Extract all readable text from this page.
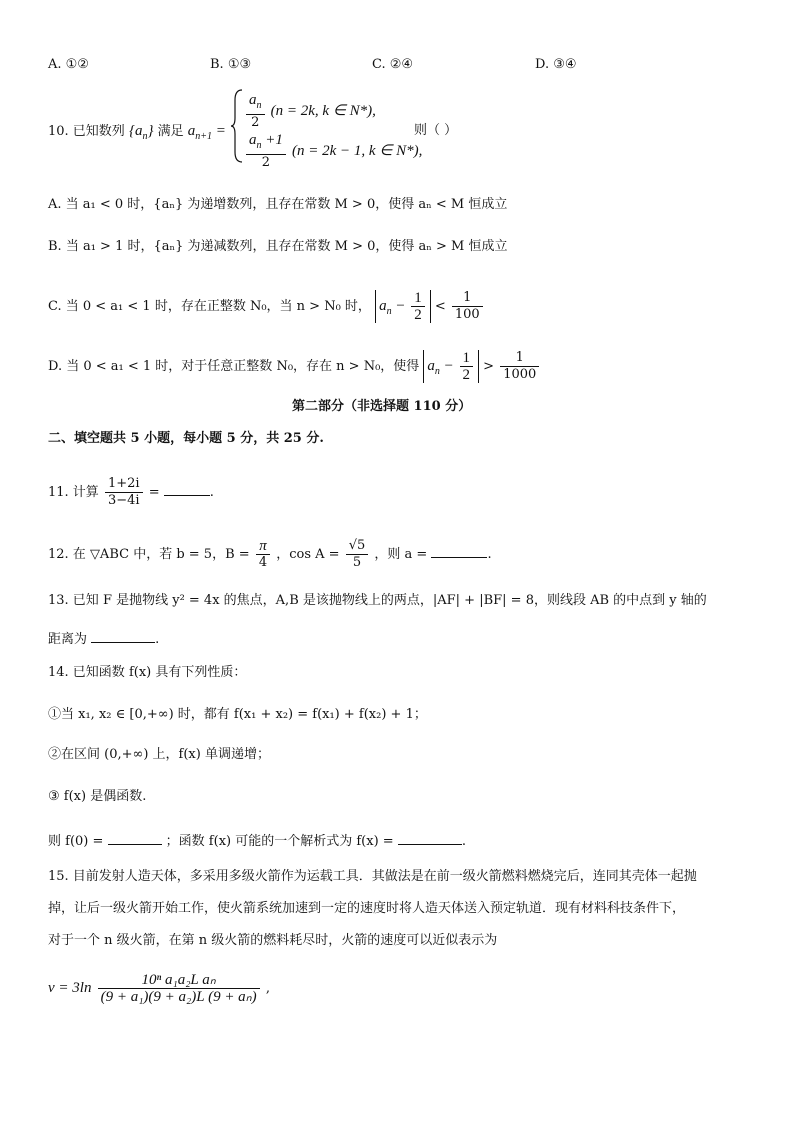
A. ①②	B. ①③	C. ②④	D. ③④
10. 已知数列 $\{a_n\}$ 满足 $a_{n+1} = \frac{a_n}{2} (n = 2k$, k ∈ N*),
$\frac{a_n +1}{2} (n = 2k - 1$, k ∈ N*),
则（ ）
A. 当 a₁ < 0 时，{aₙ} 为递增数列，且存在常数 M > 0，使得 aₙ < M 恒成立
B. 当 a₁ > 1 时，{aₙ} 为递减数列，且存在常数 M > 0，使得 aₙ > M 恒成立
C. 当 0 < a₁ < 1 时，存在正整数 N₀，当 n > N₀ 时， $a_n - \frac{1}{2} < \frac{1}{100}$
D. 当 0 < a₁ < 1 时，对于任意正整数 N₀，存在 n > N₀，使得 $a_n - \frac{1}{2} > \frac{1}{1000}$
第二部分（非选择题 110 分）
二、填空题共 5 小题，每小题 5 分，共 25 分.
11. 计算 $\frac{1+2i}{3-4i}$ =	.
12. 在 ▽ABC 中，若 b = 5，$B = \frac{\pi}{4}$ ，$\cos A = \frac{√5}{5}$ ，则 a =	.
13. 已知 F 是抛物线 y² = 4x 的焦点，A,B 是该抛物线上的两点，|AF| + |BF| = 8，则线段 AB 的中点到 y 轴的
距离为	.
14. 已知函数 f(x) 具有下列性质：
①当 x₁, x₂ ∈ [0,+∞) 时，都有 f(x₁ + x₂) = f(x₁) + f(x₂) + 1；
②在区间 (0,+∞) 上，f(x) 单调递增；
③ f(x) 是偶函数.
则 f(0) =	；函数 f(x) 可能的一个解析式为 f(x) =	.
15. 目前发射人造天体，多采用多级火箭作为运载工具．其做法是在前一级火箭燃料燃烧完后，连同其壳体一起抛
掉，让后一级火箭开始工作，使火箭系统加速到一定的速度时将人造天体送入预定轨道．现有材料科技条件下，
对于一个 n 级火箭，在第 n 级火箭的燃料耗尽时，火箭的速度可以近似表示为
$v = 3\ln \frac{\text{10ⁿ a₁a₂L aₙ}}{\text{(9 + a₁)(9 + a₂)L (9 + aₙ)}}$ ,
